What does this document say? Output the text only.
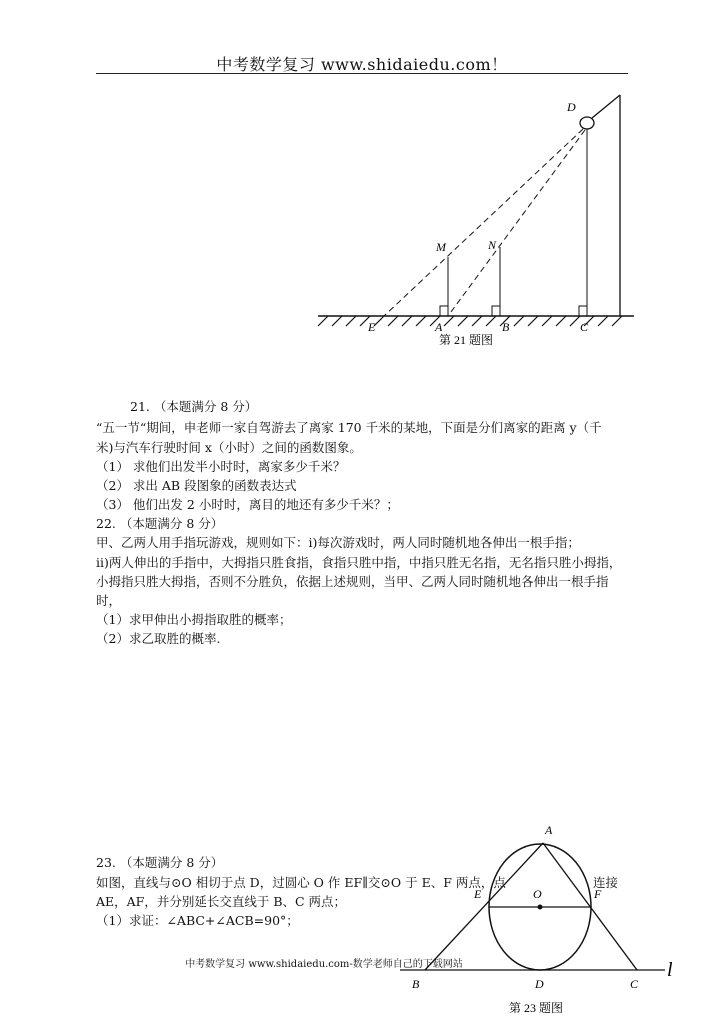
中考数学复习 www.shidaiedu.com！
D
M	N
E	A	B	C
第 21 题图
A
O
E	F
B	D	C
l
第 23 题图
21. （本题满分 8 分）
“五一节“期间，申老师一家自驾游去了离家 170 千米的某地，下面是分们离家的距离 y（千
米)与汽车行驶时间 x（小时）之间的函数图象。
（1） 求他们出发半小时时，离家多少千米？
（2） 求出 AB 段图象的函数表达式
（3） 他们出发 2 小时时，离目的地还有多少千米？；
22. （本题满分 8 分）
甲、乙两人用手指玩游戏，规则如下：i)每次游戏时，两人同时随机地各伸出一根手指；
ii)两人伸出的手指中，大拇指只胜食指，食指只胜中指，中指只胜无名指，无名指只胜小拇指，
小拇指只胜大拇指，否则不分胜负，依据上述规则，当甲、乙两人同时随机地各伸出一根手指
时，
（1）求甲伸出小拇指取胜的概率；
（2）求乙取胜的概率.
23. （本题满分 8 分）
如图，直线与⊙O 相切于点 D，过圆心 O 作 EF∥交⊙O 于 E、F 两点，点	连接
AE，AF，并分别延长交直线于 B、C 两点；
（1）求证：∠ABC+∠ACB=90°；
中考数学复习 www.shidaiedu.com-数学老师自己的下载网站
